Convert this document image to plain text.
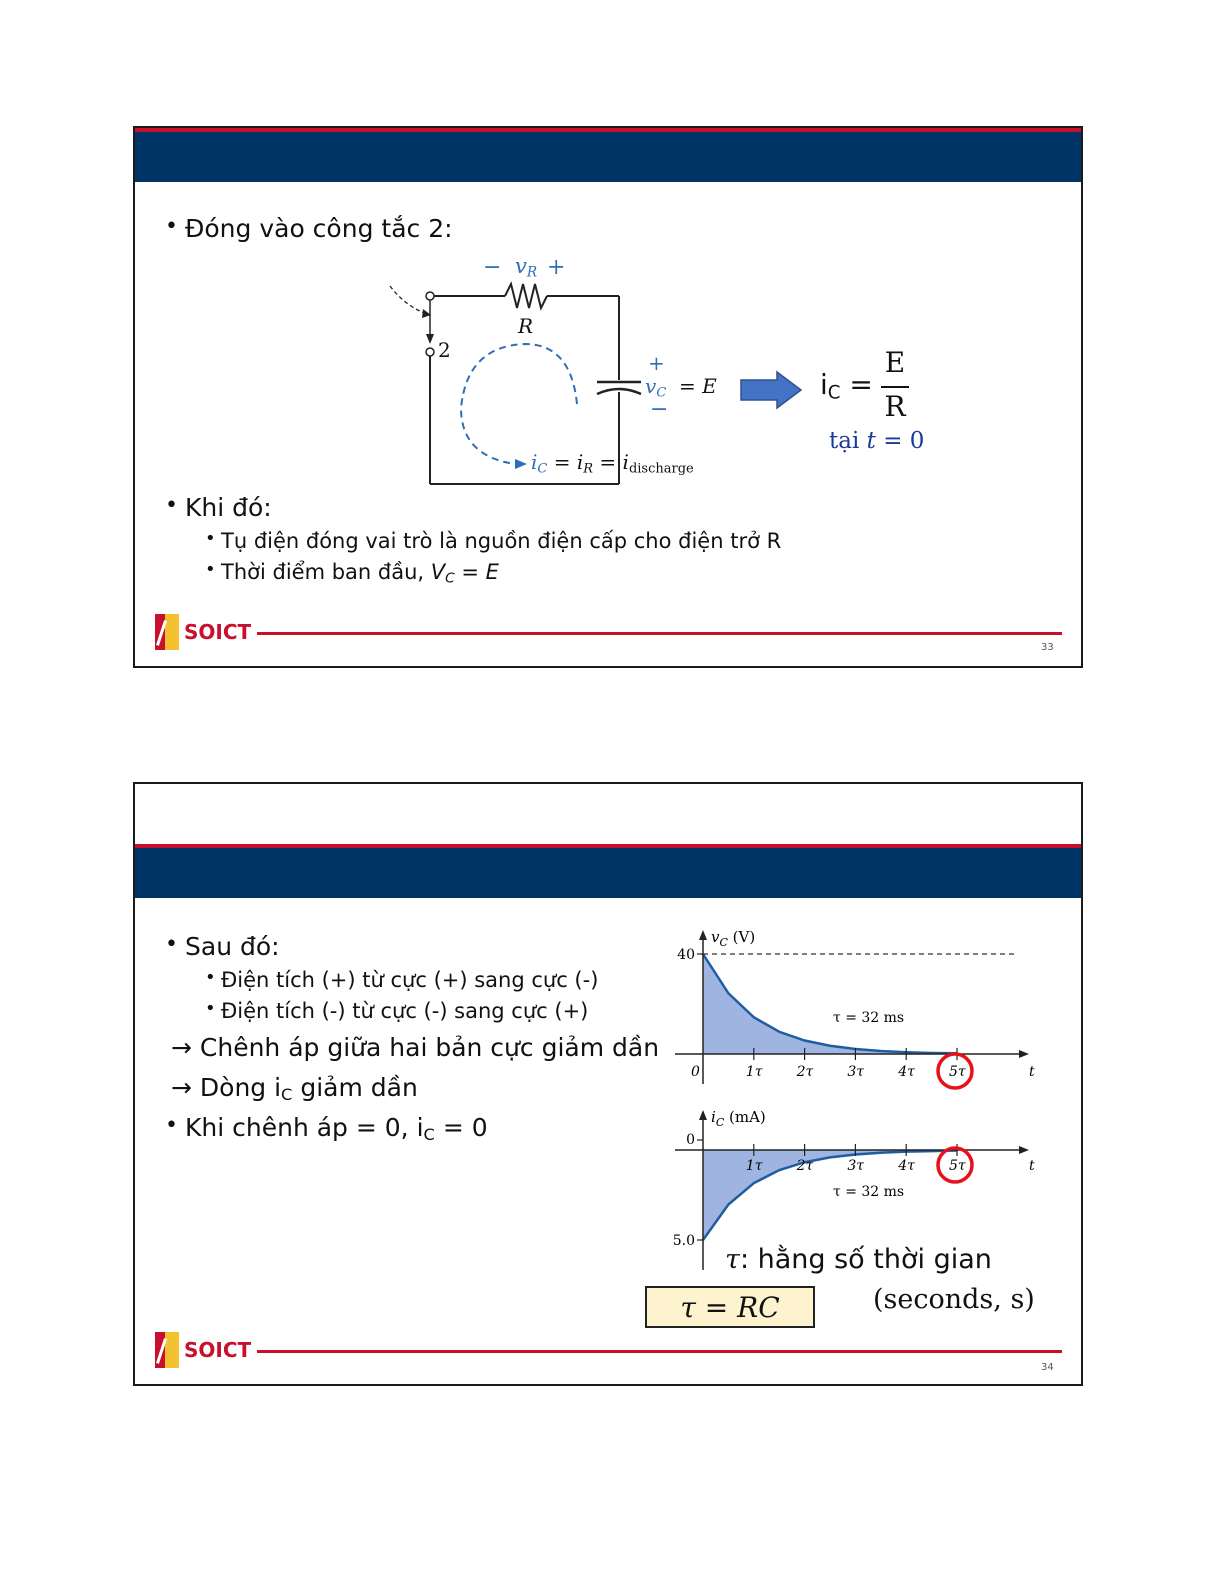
• Đóng vào công tắc 2:
− +
+
−
$v_R$
R
2
$v_C = E$
$i_C = i_R = i_{discharge}$
$i_C$ =
E
R
tại t = 0
• Khi đó:
• Tụ điện đóng vai trò là nguồn điện cấp cho điện trở R
• Thời điểm ban đầu, $V_C = E$
SOICT
33
• Sau đó:
• Điện tích (+) từ cực (+) sang cực (-)
• Điện tích (-) từ cực (-) sang cực (+)
→ Chênh áp giữa hai bản cực giảm dần
→ Dòng $i_C$ giảm dần
• Khi chênh áp = 0, $i_C = 0$
0	1τ 2τ 3τ 4τ 5τ	t
$v_C$ (V)
τ = 32 ms
40
1τ 2τ 3τ 4τ 5τ	t
$i_C$ (mA)
τ = 32 ms
5.0
0
τ: hằng số thời gian
τ = RC	(seconds, s)
SOICT
34
